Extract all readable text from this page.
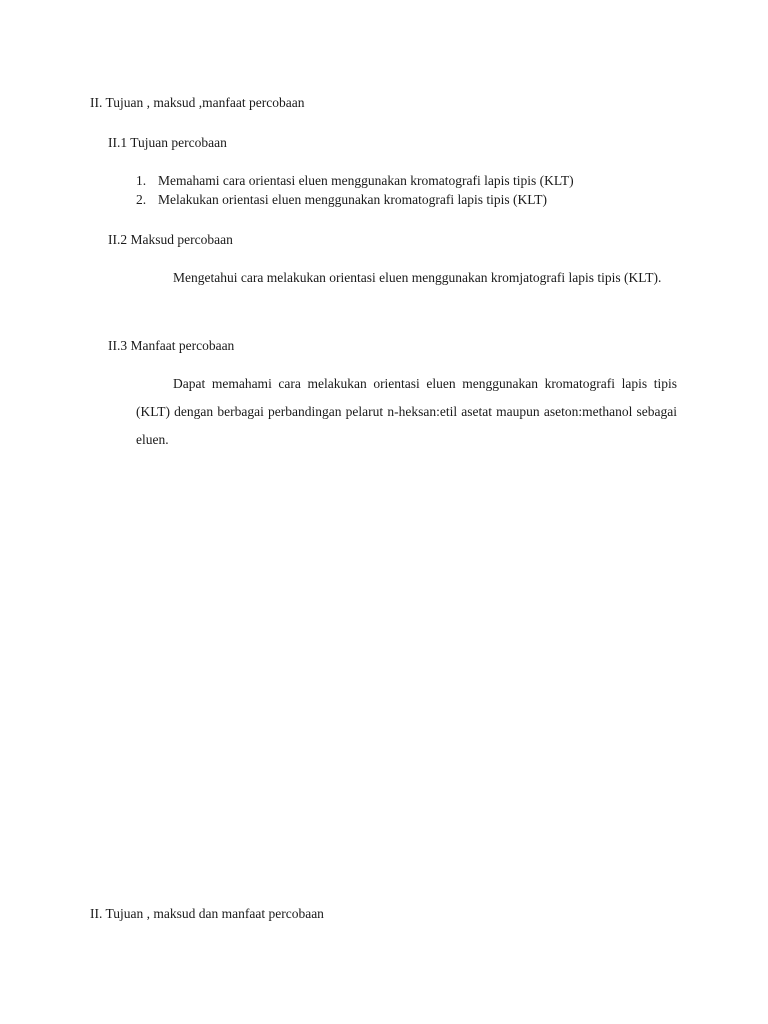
II. Tujuan , maksud ,manfaat percobaan
II.1 Tujuan percobaan
1. Memahami cara orientasi eluen menggunakan kromatografi lapis tipis (KLT)
2. Melakukan orientasi eluen menggunakan kromatografi lapis tipis (KLT)
II.2 Maksud percobaan
Mengetahui cara melakukan orientasi eluen menggunakan kromjatografi lapis tipis (KLT).
II.3 Manfaat percobaan
Dapat memahami cara melakukan orientasi eluen menggunakan kromatografi lapis tipis (KLT) dengan berbagai perbandingan pelarut n-heksan:etil asetat maupun aseton:methanol sebagai eluen.
II. Tujuan , maksud dan manfaat percobaan
